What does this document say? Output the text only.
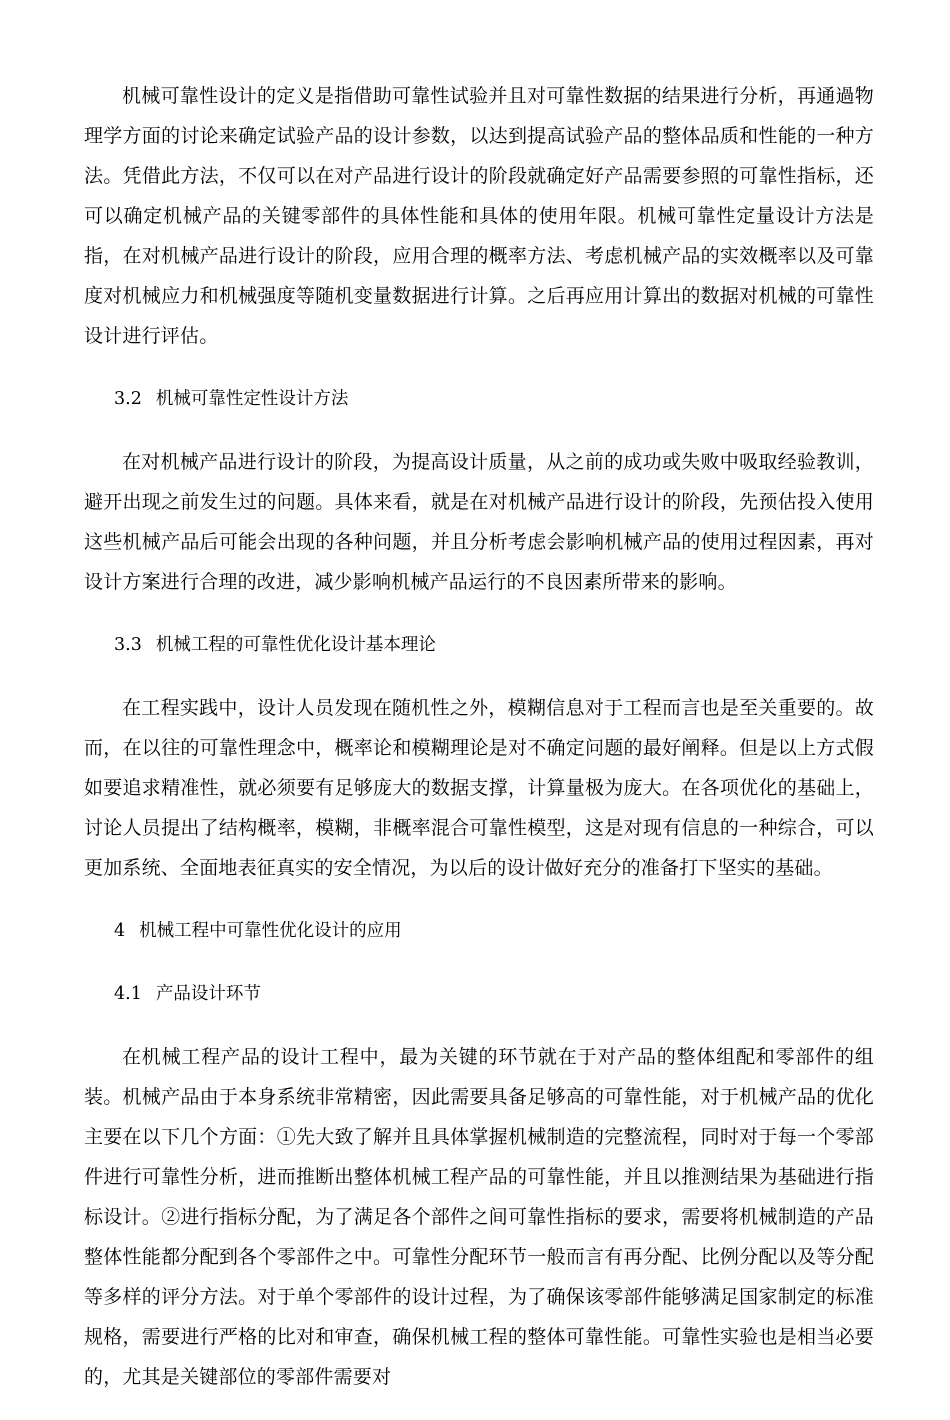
机械可靠性设计的定义是指借助可靠性试验并且对可靠性数据的结果进行分析，再通過物理学方面的讨论来确定试验产品的设计参数，以达到提高试验产品的整体品质和性能的一种方法。凭借此方法，不仅可以在对产品进行设计的阶段就确定好产品需要参照的可靠性指标，还可以确定机械产品的关键零部件的具体性能和具体的使用年限。机械可靠性定量设计方法是指，在对机械产品进行设计的阶段，应用合理的概率方法、考虑机械产品的实效概率以及可靠度对机械应力和机械强度等随机变量数据进行计算。之后再应用计算出的数据对机械的可靠性设计进行评估。

3.2 机械可靠性定性设计方法

在对机械产品进行设计的阶段，为提高设计质量，从之前的成功或失败中吸取经验教训，避开出现之前发生过的问题。具体来看，就是在对机械产品进行设计的阶段，先预估投入使用这些机械产品后可能会出现的各种问题，并且分析考虑会影响机械产品的使用过程因素，再对设计方案进行合理的改进，减少影响机械产品运行的不良因素所带来的影响。

3.3 机械工程的可靠性优化设计基本理论

在工程实践中，设计人员发现在随机性之外，模糊信息对于工程而言也是至关重要的。故而，在以往的可靠性理念中，概率论和模糊理论是对不确定问题的最好阐释。但是以上方式假如要追求精准性，就必须要有足够庞大的数据支撑，计算量极为庞大。在各项优化的基础上，讨论人员提出了结构概率，模糊，非概率混合可靠性模型，这是对现有信息的一种综合，可以更加系统、全面地表征真实的安全情况，为以后的设计做好充分的准备打下坚实的基础。

4 机械工程中可靠性优化设计的应用
4.1 产品设计环节

在机械工程产品的设计工程中，最为关键的环节就在于对产品的整体组配和零部件的组装。机械产品由于本身系统非常精密，因此需要具备足够高的可靠性能，对于机械产品的优化主要在以下几个方面：①先大致了解并且具体掌握机械制造的完整流程，同时对于每一个零部件进行可靠性分析，进而推断出整体机械工程产品的可靠性能，并且以推测结果为基础进行指标设计。②进行指标分配，为了满足各个部件之间可靠性指标的要求，需要将机械制造的产品整体性能都分配到各个零部件之中。可靠性分配环节一般而言有再分配、比例分配以及等分配等多样的评分方法。对于单个零部件的设计过程，为了确保该零部件能够满足国家制定的标准规格，需要进行严格的比对和审查，确保机械工程的整体可靠性能。可靠性实验也是相当必要的，尤其是关键部位的零部件需要对
